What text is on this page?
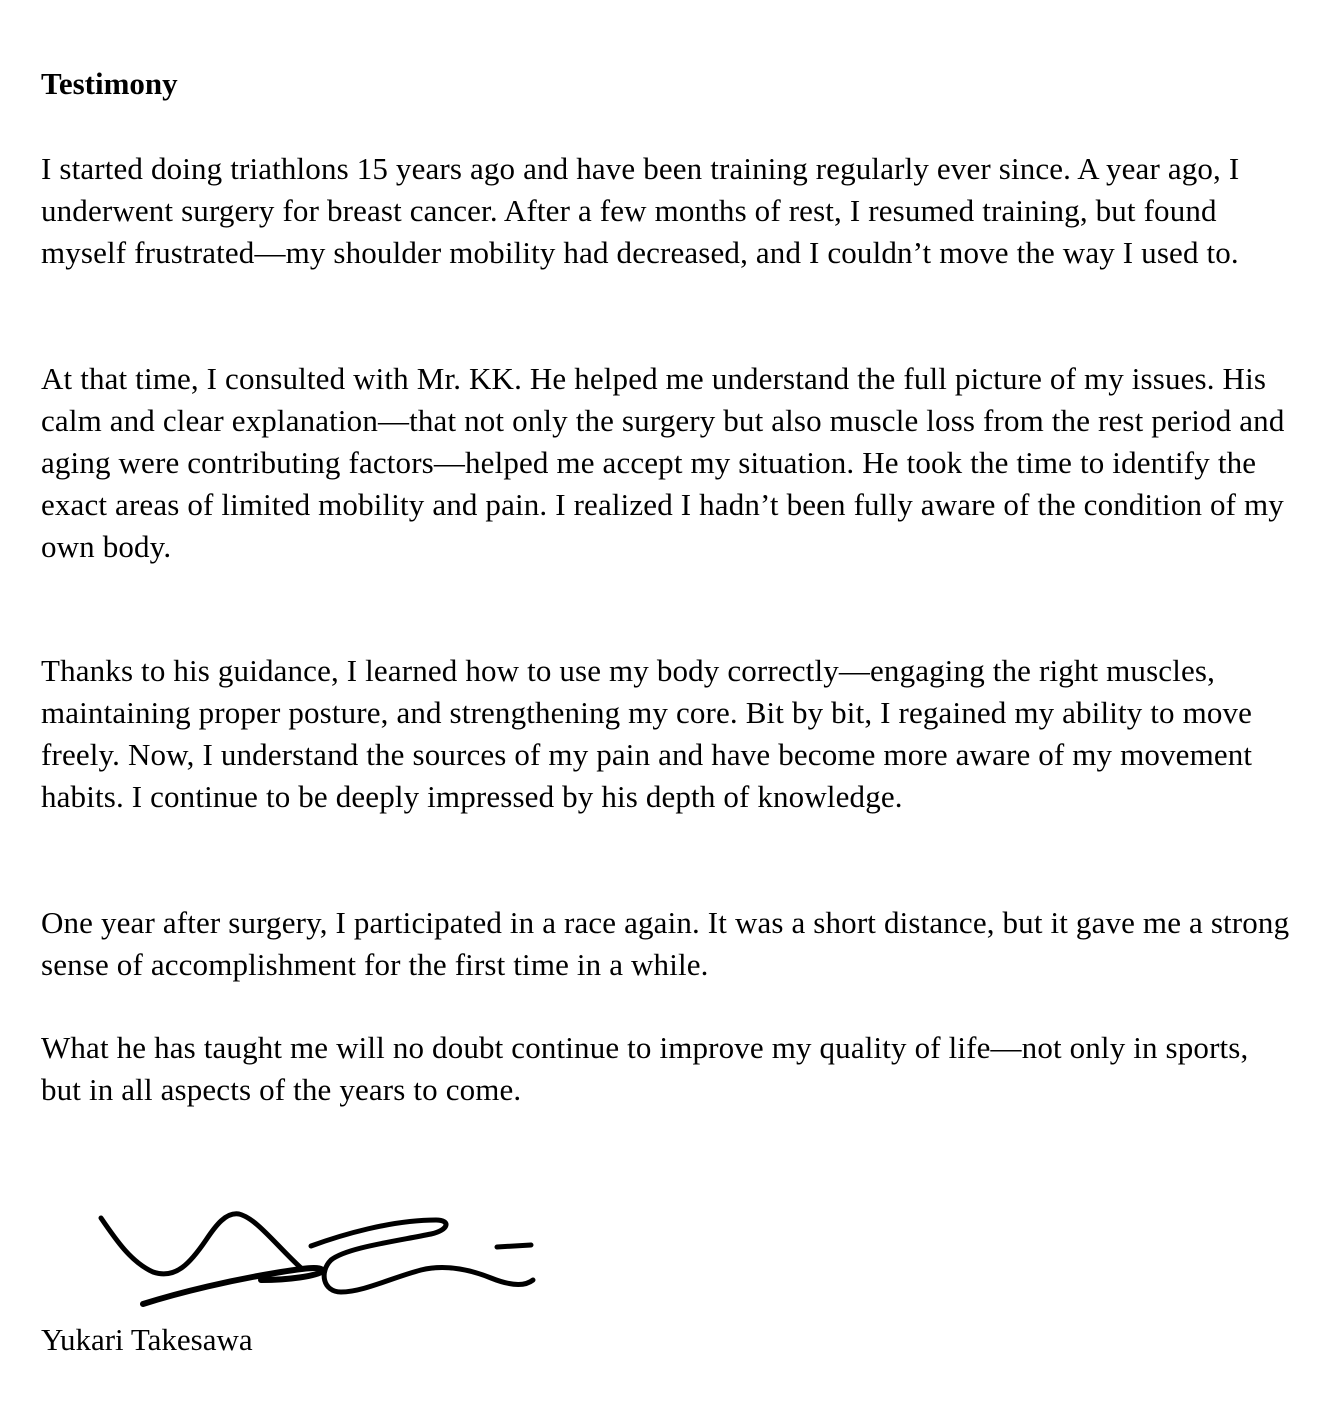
Testimony

I started doing triathlons 15 years ago and have been training regularly ever since. A year ago, I underwent surgery for breast cancer. After a few months of rest, I resumed training, but found myself frustrated—my shoulder mobility had decreased, and I couldn’t move the way I used to.

At that time, I consulted with Mr. KK. He helped me understand the full picture of my issues. His calm and clear explanation—that not only the surgery but also muscle loss from the rest period and aging were contributing factors—helped me accept my situation. He took the time to identify the exact areas of limited mobility and pain. I realized I hadn’t been fully aware of the condition of my own body.

Thanks to his guidance, I learned how to use my body correctly—engaging the right muscles, maintaining proper posture, and strengthening my core. Bit by bit, I regained my ability to move freely. Now, I understand the sources of my pain and have become more aware of my movement habits. I continue to be deeply impressed by his depth of knowledge.

One year after surgery, I participated in a race again. It was a short distance, but it gave me a strong sense of accomplishment for the first time in a while.

What he has taught me will no doubt continue to improve my quality of life—not only in sports, but in all aspects of the years to come.

Yukari Takesawa
